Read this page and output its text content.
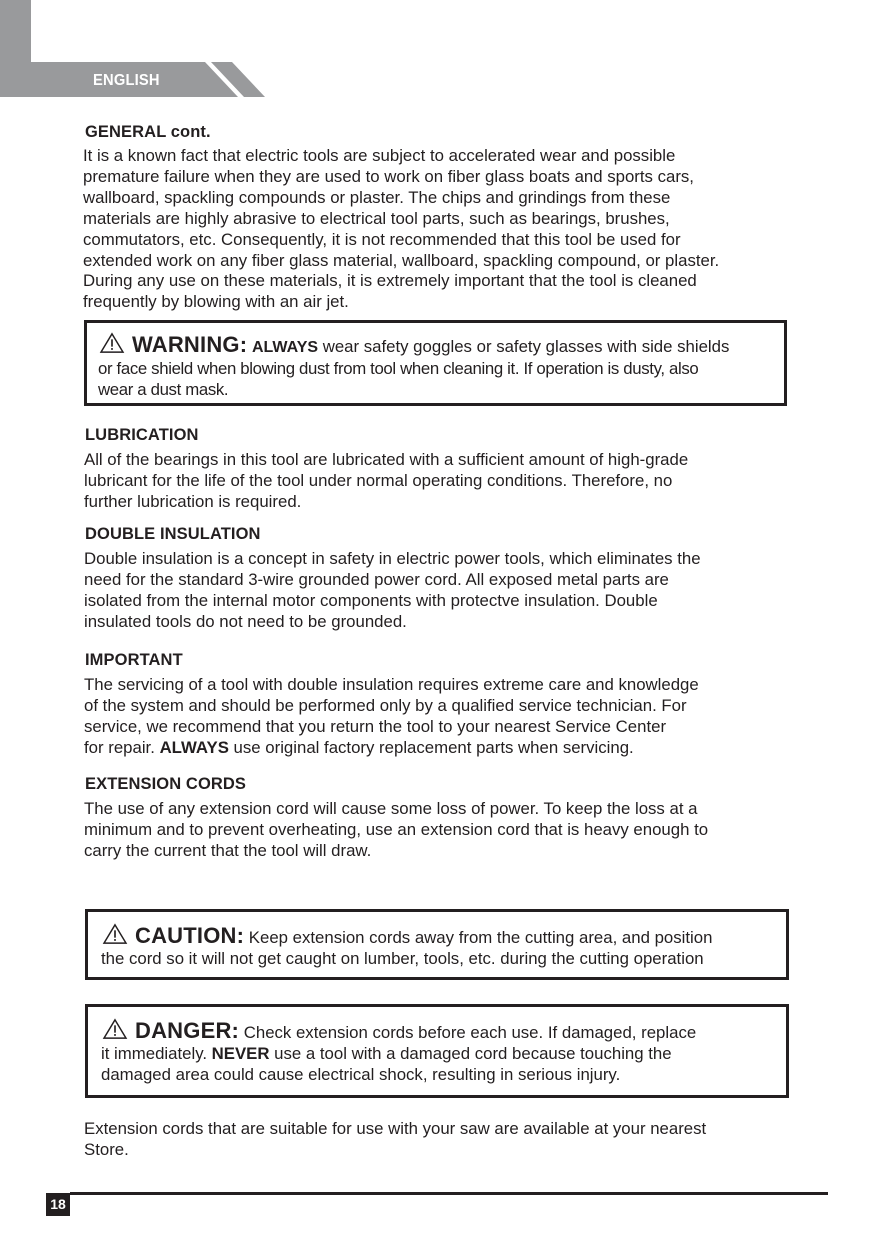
ENGLISH
GENERAL cont.
It is a known fact that electric tools are subject to accelerated wear and possible
premature failure when they are used to work on fiber glass boats and sports cars,
wallboard, spackling compounds or plaster. The chips and grindings from these
materials are highly abrasive to electrical tool parts, such as bearings, brushes,
commutators, etc. Consequently, it is not recommended that this tool be used for
extended work on any fiber glass material, wallboard, spackling compound, or plaster.
During any use on these materials, it is extremely important that the tool is cleaned
frequently by blowing with an air jet.
WARNING: ALWAYS wear safety goggles or safety glasses with side shields
or face shield when blowing dust from tool when cleaning it. If operation is dusty, also
wear a dust mask.
LUBRICATION
All of the bearings in this tool are lubricated with a sufficient amount of high-grade
lubricant for the life of the tool under normal operating conditions. Therefore, no
further lubrication is required.
DOUBLE INSULATION
Double insulation is a concept in safety in electric power tools, which eliminates the
need for the standard 3-wire grounded power cord. All exposed metal parts are
isolated from the internal motor components with protectve insulation. Double
insulated tools do not need to be grounded.
IMPORTANT
The servicing of a tool with double insulation requires extreme care and knowledge
of the system and should be performed only by a qualified service technician. For
service, we recommend that you return the tool to your nearest Service Center
for repair. ALWAYS use original factory replacement parts when servicing.
EXTENSION CORDS
The use of any extension cord will cause some loss of power. To keep the loss at a
minimum and to prevent overheating, use an extension cord that is heavy enough to
carry the current that the tool will draw.
CAUTION: Keep extension cords away from the cutting area, and position
the cord so it will not get caught on lumber, tools, etc. during the cutting operation
DANGER: Check extension cords before each use. If damaged, replace
it immediately. NEVER use a tool with a damaged cord because touching the
damaged area could cause electrical shock, resulting in serious injury.
Extension cords that are suitable for use with your saw are available at your nearest
Store.
18
